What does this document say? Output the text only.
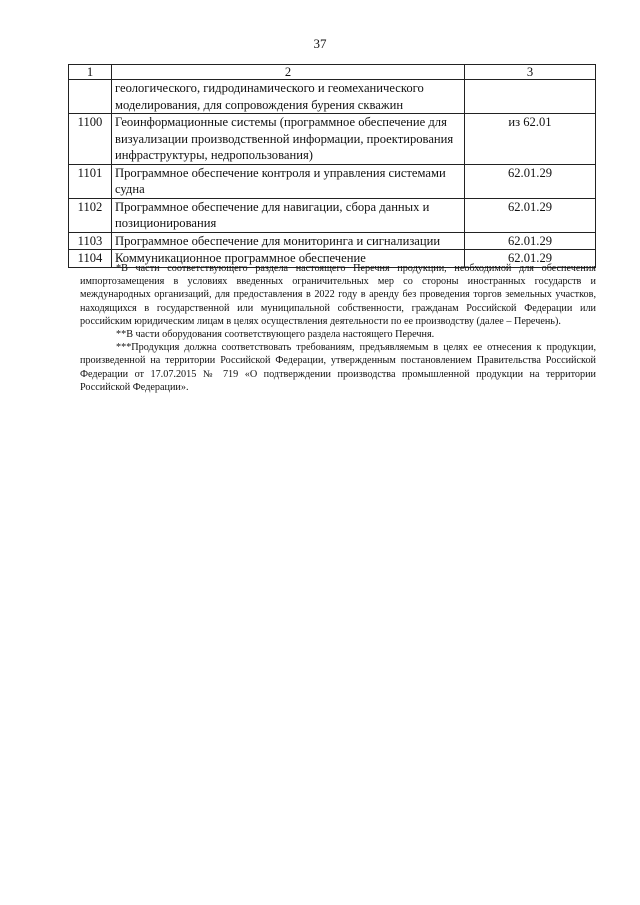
37
1	2	3
	геологического, гидродинамического и геомеханического моделирования, для сопровождения бурения скважин	
1100	Геоинформационные системы (программное обеспечение для визуализации производственной информации, проектирования инфраструктуры, недропользования)	из 62.01
1101	Программное обеспечение контроля и управления системами судна	62.01.29
1102	Программное обеспечение для навигации, сбора данных и позиционирования	62.01.29
1103	Программное обеспечение для мониторинга и сигнализации	62.01.29
1104	Коммуникационное программное обеспечение	62.01.29

*В части соответствующего раздела настоящего Перечня продукции, необходимой для обеспечения импортозамещения в условиях введенных ограничительных мер со стороны иностранных государств и международных организаций, для предоставления в 2022 году в аренду без проведения торгов земельных участков, находящихся в государственной или муниципальной собственности, гражданам Российской Федерации или российским юридическим лицам в целях осуществления деятельности по ее производству (далее – Перечень).

**В части оборудования соответствующего раздела настоящего Перечня.

***Продукция должна соответствовать требованиям, предъявляемым в целях ее отнесения к продукции, произведенной на территории Российской Федерации, утвержденным постановлением Правительства Российской Федерации от 17.07.2015 № 719 «О подтверждении производства промышленной продукции на территории Российской Федерации».
